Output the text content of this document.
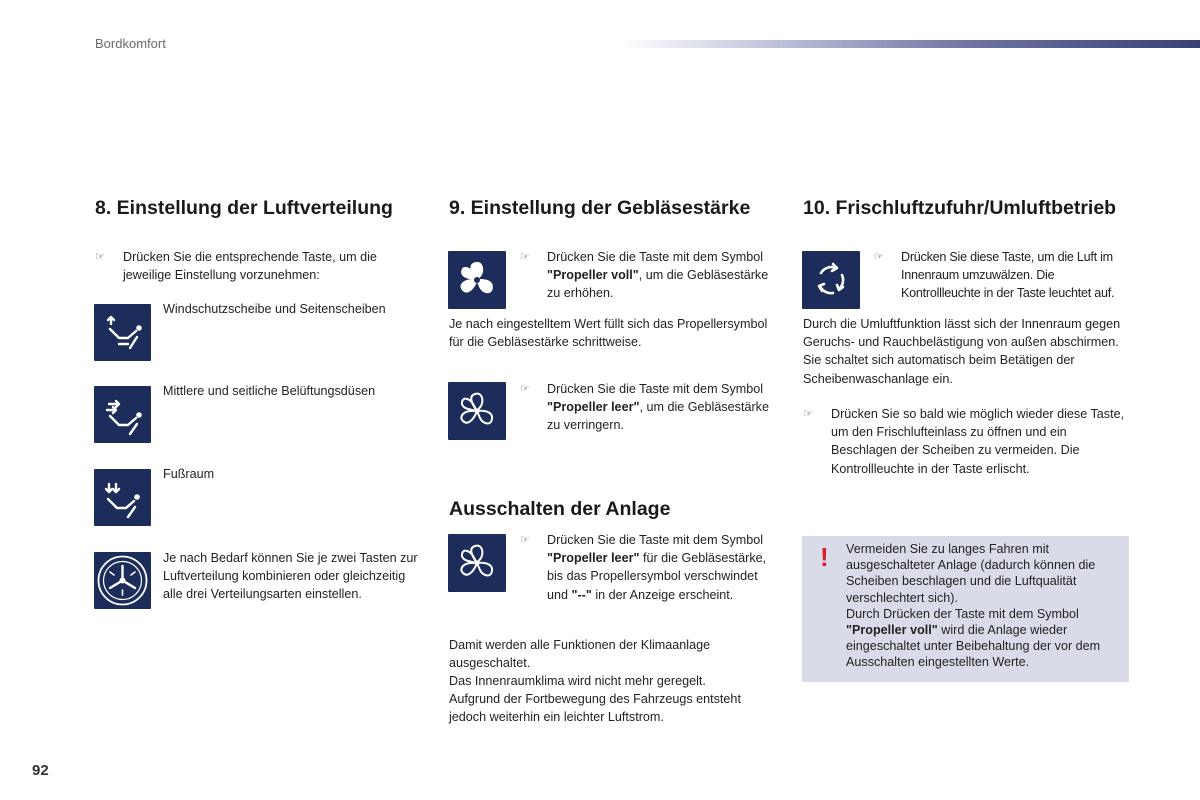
Bordkomfort
8. Einstellung der Luftverteilung
☞ Drücken Sie die entsprechende Taste, um die jeweilige Einstellung vorzunehmen:
Windschutzscheibe und Seitenscheiben
Mittlere und seitliche Belüftungsdüsen
Fußraum
Je nach Bedarf können Sie je zwei Tasten zur Luftverteilung kombinieren oder gleichzeitig alle drei Verteilungsarten einstellen.
9. Einstellung der Gebläsestärke
☞ Drücken Sie die Taste mit dem Symbol "Propeller voll", um die Gebläsestärke zu erhöhen.
Je nach eingestelltem Wert füllt sich das Propellersymbol für die Gebläsestärke schrittweise.
☞ Drücken Sie die Taste mit dem Symbol "Propeller leer", um die Gebläsestärke zu verringern.
Ausschalten der Anlage
☞ Drücken Sie die Taste mit dem Symbol "Propeller leer" für die Gebläsestärke, bis das Propellersymbol verschwindet und "--" in der Anzeige erscheint.
Damit werden alle Funktionen der Klimaanlage ausgeschaltet.
Das Innenraumklima wird nicht mehr geregelt.
Aufgrund der Fortbewegung des Fahrzeugs entsteht jedoch weiterhin ein leichter Luftstrom.
10. Frischluftzufuhr/Umluftbetrieb
☞ Drücken Sie diese Taste, um die Luft im Innenraum umzuwälzen. Die Kontrollleuchte in der Taste leuchtet auf.
Durch die Umluftfunktion lässt sich der Innenraum gegen Geruchs- und Rauchbelästigung von außen abschirmen. Sie schaltet sich automatisch beim Betätigen der Scheibenwaschanlage ein.
☞ Drücken Sie so bald wie möglich wieder diese Taste, um den Frischlufteinlass zu öffnen und ein Beschlagen der Scheiben zu vermeiden. Die Kontrollleuchte in der Taste erlischt.
! Vermeiden Sie zu langes Fahren mit ausgeschalteter Anlage (dadurch können die Scheiben beschlagen und die Luftqualität verschlechtert sich).
Durch Drücken der Taste mit dem Symbol "Propeller voll" wird die Anlage wieder eingeschaltet unter Beibehaltung der vor dem Ausschalten eingestellten Werte.
92
